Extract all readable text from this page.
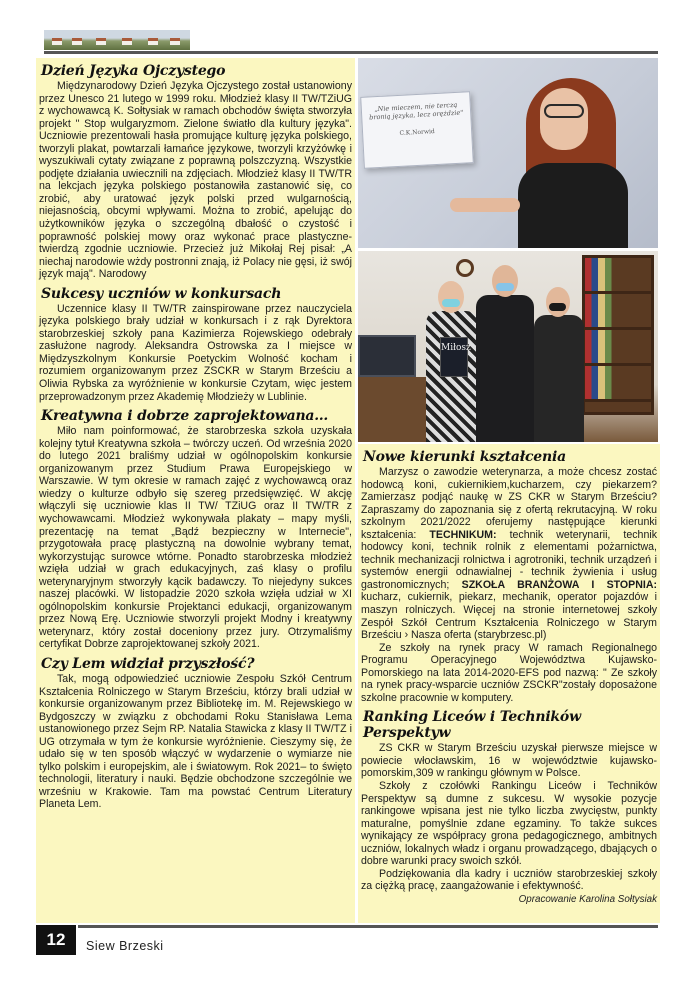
Dzień Języka Ojczystego

Międzynarodowy Dzień Języka Ojczystego został ustanowiony przez Unesco 21 lutego w 1999 roku. Młodzież klasy II TW/TZiUG z wychowawcą K. Sołtysiak w ramach obchodów święta stworzyła projekt " Stop wulgaryzmom. Zielone światło dla kultury języka". Uczniowie prezentowali hasła promujące kulturę języka polskiego, tworzyli plakat, powtarzali łamańce językowe, tworzyli krzyżówkę i wyszukiwali cytaty związane z poprawną polszczyzną. Wszystkie podjęte działania uwiecznili na zdjęciach. Młodzież klasy II TW/TR na lekcjach języka polskiego postanowiła zastanowić się, co zrobić, aby uratować język polski przed wulgarnością, niejasnością, obcymi wpływami. Można to zrobić, apelując do użytkowników języka o szczególną dbałość o czystość i poprawność polskiej mowy oraz wykonać prace plastyczne- twierdzą zgodnie uczniowie. Przecież już Mikołaj Rej pisał: „A niechaj narodowie wżdy postronni znają, iż Polacy nie gęsi, iż swój język mają". Narodowy

Sukcesy uczniów w konkursach

Uczennice klasy II TW/TR zainspirowane przez nauczyciela języka polskiego brały udział w konkursach i z rąk Dyrektora starobrzeskiej szkoły pana Kazimierza Rojewskiego odebrały zasłużone nagrody. Aleksandra Ostrowska za I miejsce w Międzyszkolnym Konkursie Poetyckim Wolność kocham i rozumiem organizowanym przez ZSCKR w Starym Brześciu a Oliwia Rybska za wyróżnienie w konkursie Czytam, więc jestem przeprowadzonym przez Akademię Młodzieży w Lublinie.

Kreatywna i dobrze zaprojektowana…

Miło nam poinformować, że starobrzeska szkoła uzyskała kolejny tytuł Kreatywna szkoła – twórczy uczeń. Od września 2020 do lutego 2021 braliśmy udział w ogólnopolskim konkursie organizowanym przez Studium Prawa Europejskiego w Warszawie. W tym okresie w ramach zajęć z wychowawcą oraz wiedzy o kulturze odbyło się szereg przedsięwzięć. W akcję włączyli się uczniowie klas II TW/ TZiUG oraz II TW/TR z wychowawcami. Młodzież wykonywała plakaty – mapy myśli, prezentację na temat „Bądź bezpieczny w Internecie", przygotowała pracę plastyczną na dowolnie wybrany temat, wykorzystując surowce wtórne. Ponadto starobrzeska młodzież wzięła udział w grach edukacyjnych, zaś klasy o profilu weterynaryjnym stworzyły kącik badawczy. To niejedyny sukces naszej placówki. W listopadzie 2020 szkoła wzięła udział w XI ogólnopolskim konkursie Projektanci edukacji, organizowanym przez Nową Erę. Uczniowie stworzyli projekt Modny i kreatywny weterynarz, który został doceniony przez jury. Otrzymaliśmy certyfikat Dobrze zaprojektowanej szkoły 2021.

Czy Lem widział przyszłość?

Tak, mogą odpowiedzieć uczniowie Zespołu Szkół Centrum Kształcenia Rolniczego w Starym Brześciu, którzy brali udział w konkursie organizowanym przez Bibliotekę im. M. Rejewskiego w Bydgoszczy w związku z obchodami Roku Stanisława Lema ustanowionego przez Sejm RP. Natalia Stawicka z klasy II TW/TZ i UG otrzymała w tym że konkursie wyróżnienie. Cieszymy się, że udało się w ten sposób włączyć w wydarzenie o wymiarze nie tylko polskim i europejskim, ale i światowym. Rok 2021– to święto technologii, literatury i nauki. Będzie obchodzone szczególnie we wrześniu w Krakowie. Tam ma powstać Centrum Literatury Planeta Lem.

„Nie mieczem, nie terczą bronią języka, lecz orężdzie"
C.K.Norwid
Miłosz
Nowe kierunki kształcenia

Marzysz o zawodzie weterynarza, a może chcesz zostać hodowcą koni, cukiernikiem,kucharzem, czy piekarzem? Zamierzasz podjąć naukę w ZS CKR w Starym Brześciu? Zapraszamy do zapoznania się z ofertą rekrutacyjną. W roku szkolnym 2021/2022 oferujemy następujące kierunki kształcenia: TECHNIKUM: technik weterynarii, technik hodowcy koni, technik rolnik z elementami pożarnictwa, technik mechanizacji rolnictwa i agrotroniki, technik urządzeń i systemów energii odnawialnej - technik żywienia i usług gastronomicznych; SZKOŁA BRANŻOWA I STOPNIA: kucharz, cukiernik, piekarz, mechanik, operator pojazdów i maszyn rolniczych. Więcej na stronie internetowej szkoły Zespół Szkół Centrum Kształcenia Rolniczego w Starym Brześciu › Nasza oferta (starybrzesc.pl)

Ze szkoły na rynek pracy W ramach Regionalnego Programu Operacyjnego Województwa Kujawsko-Pomorskiego na lata 2014-2020-EFS pod nazwą: " Ze szkoły na rynek pracy-wsparcie uczniów ZSCKR"zostały doposażone szkolne pracownie w komputery.

Ranking Liceów i Techników Perspektyw

ZS CKR w Starym Brześciu uzyskał pierwsze miejsce w powiecie włocławskim, 16 w województwie kujawsko-pomorskim,309 w rankingu głównym w Polsce.

Szkoły z czołówki Rankingu Liceów i Techników Perspektyw są dumne z sukcesu. W wysokie pozycje rankingowe wpisana jest nie tylko liczba zwycięstw, punkty maturalne, pomyślnie zdane egzaminy. To także sukces wynikający ze współpracy grona pedagogicznego, ambitnych uczniów, lokalnych władz i organu prowadzącego, dbających o dobre warunki pracy swoich szkół.

Podziękowania dla kadry i uczniów starobrzeskiej szkoły za ciężką pracę, zaangażowanie i efektywność.

Opracowanie Karolina Sołtysiak

12	Siew Brzeski
